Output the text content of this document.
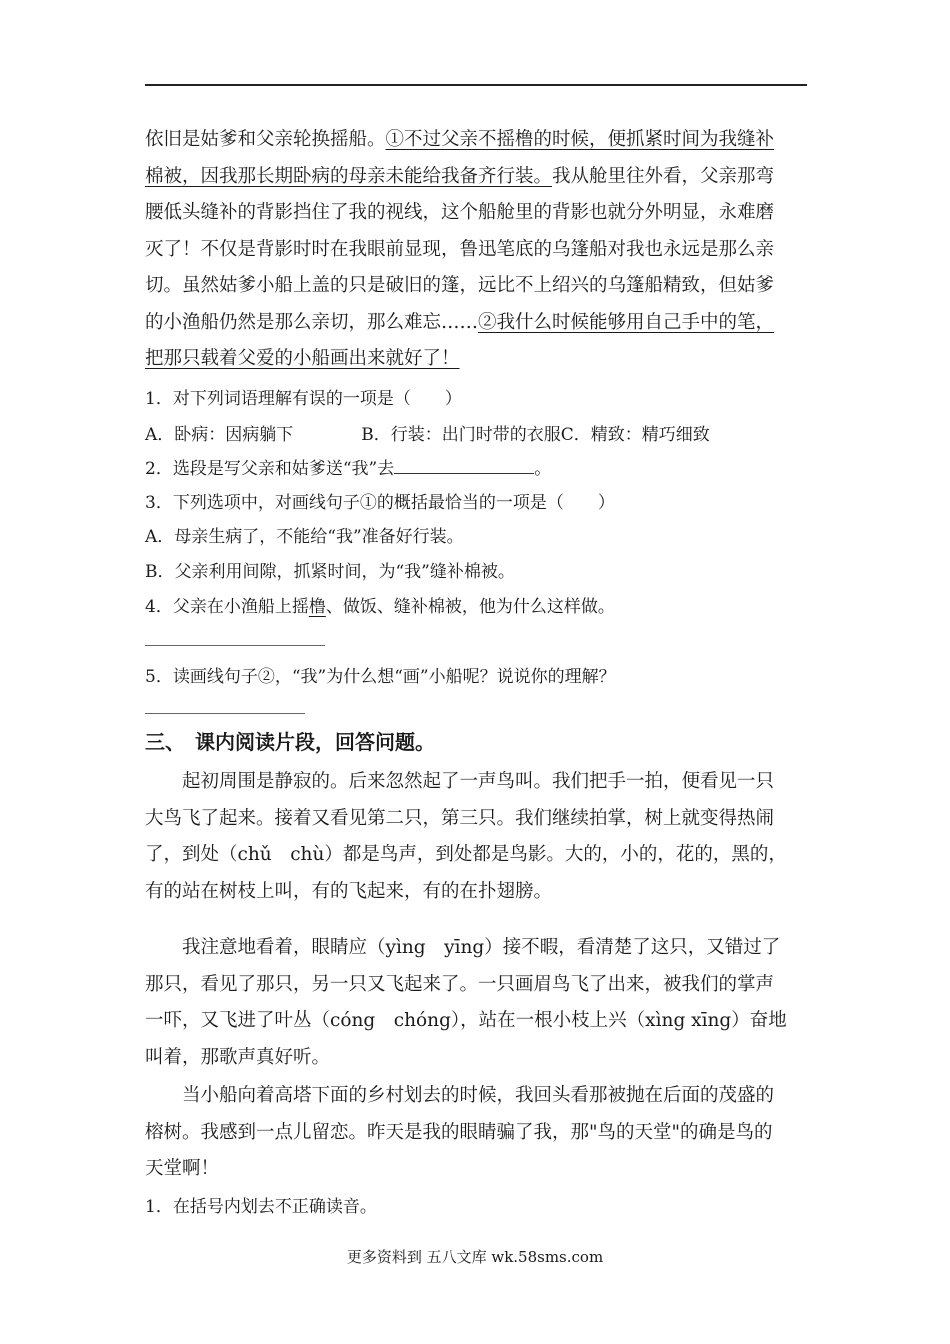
依旧是姑爹和父亲轮换摇船。①不过父亲不摇橹的时候，便抓紧时间为我缝补
棉被，因我那长期卧病的母亲未能给我备齐行装。我从舱里往外看，父亲那弯
腰低头缝补的背影挡住了我的视线，这个船舱里的背影也就分外明显，永难磨
灭了！不仅是背影时时在我眼前显现，鲁迅笔底的乌篷船对我也永远是那么亲
切。虽然姑爹小船上盖的只是破旧的篷，远比不上绍兴的乌篷船精致，但姑爹
的小渔船仍然是那么亲切，那么难忘……②我什么时候能够用自己手中的笔，
把那只载着父爱的小船画出来就好了！
1．对下列词语理解有误的一项是（　　）
A．卧病：因病躺下　　　　B．行装：出门时带的衣服C．精致：精巧细致
2．选段是写父亲和姑爹送“我”去	。
3．下列选项中，对画线句子①的概括最恰当的一项是（　　）
A．母亲生病了，不能给“我”准备好行装。
B．父亲利用间隙，抓紧时间，为“我”缝补棉被。
4．父亲在小渔船上摇橹、做饭、缝补棉被，他为什么这样做。
5．读画线句子②，“我”为什么想“画”小船呢？说说你的理解？
三、　课内阅读片段，回答问题。
　　起初周围是静寂的。后来忽然起了一声鸟叫。我们把手一拍，便看见一只
大鸟飞了起来。接着又看见第二只，第三只。我们继续拍掌，树上就变得热闹
了，到处（chǔ　chù）都是鸟声，到处都是鸟影。大的，小的，花的，黑的，
有的站在树枝上叫，有的飞起来，有的在扑翅膀。
　　我注意地看着，眼睛应（yìng　yīng）接不暇，看清楚了这只，又错过了
那只，看见了那只，另一只又飞起来了。一只画眉鸟飞了出来，被我们的掌声
一吓，又飞进了叶丛（cóng　chóng），站在一根小枝上兴（xìng xīng）奋地
叫着，那歌声真好听。
　　当小船向着高塔下面的乡村划去的时候，我回头看那被抛在后面的茂盛的
榕树。我感到一点儿留恋。昨天是我的眼睛骗了我，那"鸟的天堂"的确是鸟的
天堂啊！
1．在括号内划去不正确读音。
更多资料到 五八文库 wk.58sms.com
